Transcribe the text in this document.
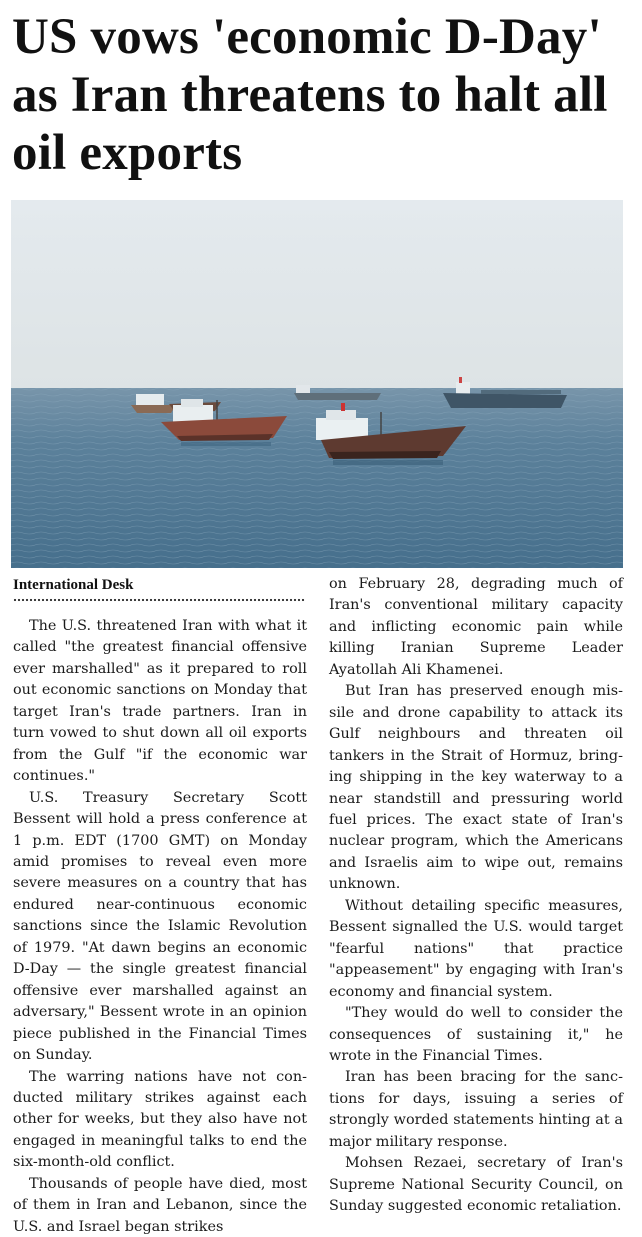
US vows 'economic D-Day' as Iran threatens to halt all oil exports
International Desk

The U.S. threatened Iran with what it called "the greatest financial offensive ever marshalled" as it prepared to roll out economic sanctions on Monday that target Iran's trade partners. Iran in turn vowed to shut down all oil exports from the Gulf "if the economic war continues."

U.S. Treasury Secretary Scott Bessent will hold a press conference at 1 p.m. EDT (1700 GMT) on Monday amid promises to reveal even more severe measures on a country that has endured near-continuous economic sanctions since the Islamic Revolution of 1979. "At dawn begins an economic D-Day — the single greatest financial offensive ever marshalled against an adversary," Bessent wrote in an opinion piece published in the Financial Times on Sunday.

The warring nations have not conducted military strikes against each other for weeks, but they also have not engaged in meaningful talks to end the six-month-old conflict.

Thousands of people have died, most of them in Iran and Lebanon, since the U.S. and Israel began strikes

on February 28, degrading much of Iran's conventional military capacity and inflicting economic pain while killing Iranian Supreme Leader Ayatollah Ali Khamenei.

But Iran has preserved enough missile and drone capability to attack its Gulf neighbours and threaten oil tankers in the Strait of Hormuz, bringing shipping in the key waterway to a near standstill and pressuring world fuel prices. The exact state of Iran's nuclear program, which the Americans and Israelis aim to wipe out, remains unknown.

Without detailing specific measures, Bessent signalled the U.S. would target "fearful nations" that practice "appeasement" by engaging with Iran's economy and financial system.

"They would do well to consider the consequences of sustaining it," he wrote in the Financial Times.

Iran has been bracing for the sanctions for days, issuing a series of strongly worded statements hinting at a major military response.

Mohsen Rezaei, secretary of Iran's Supreme National Security Council, on Sunday suggested economic retaliation.
